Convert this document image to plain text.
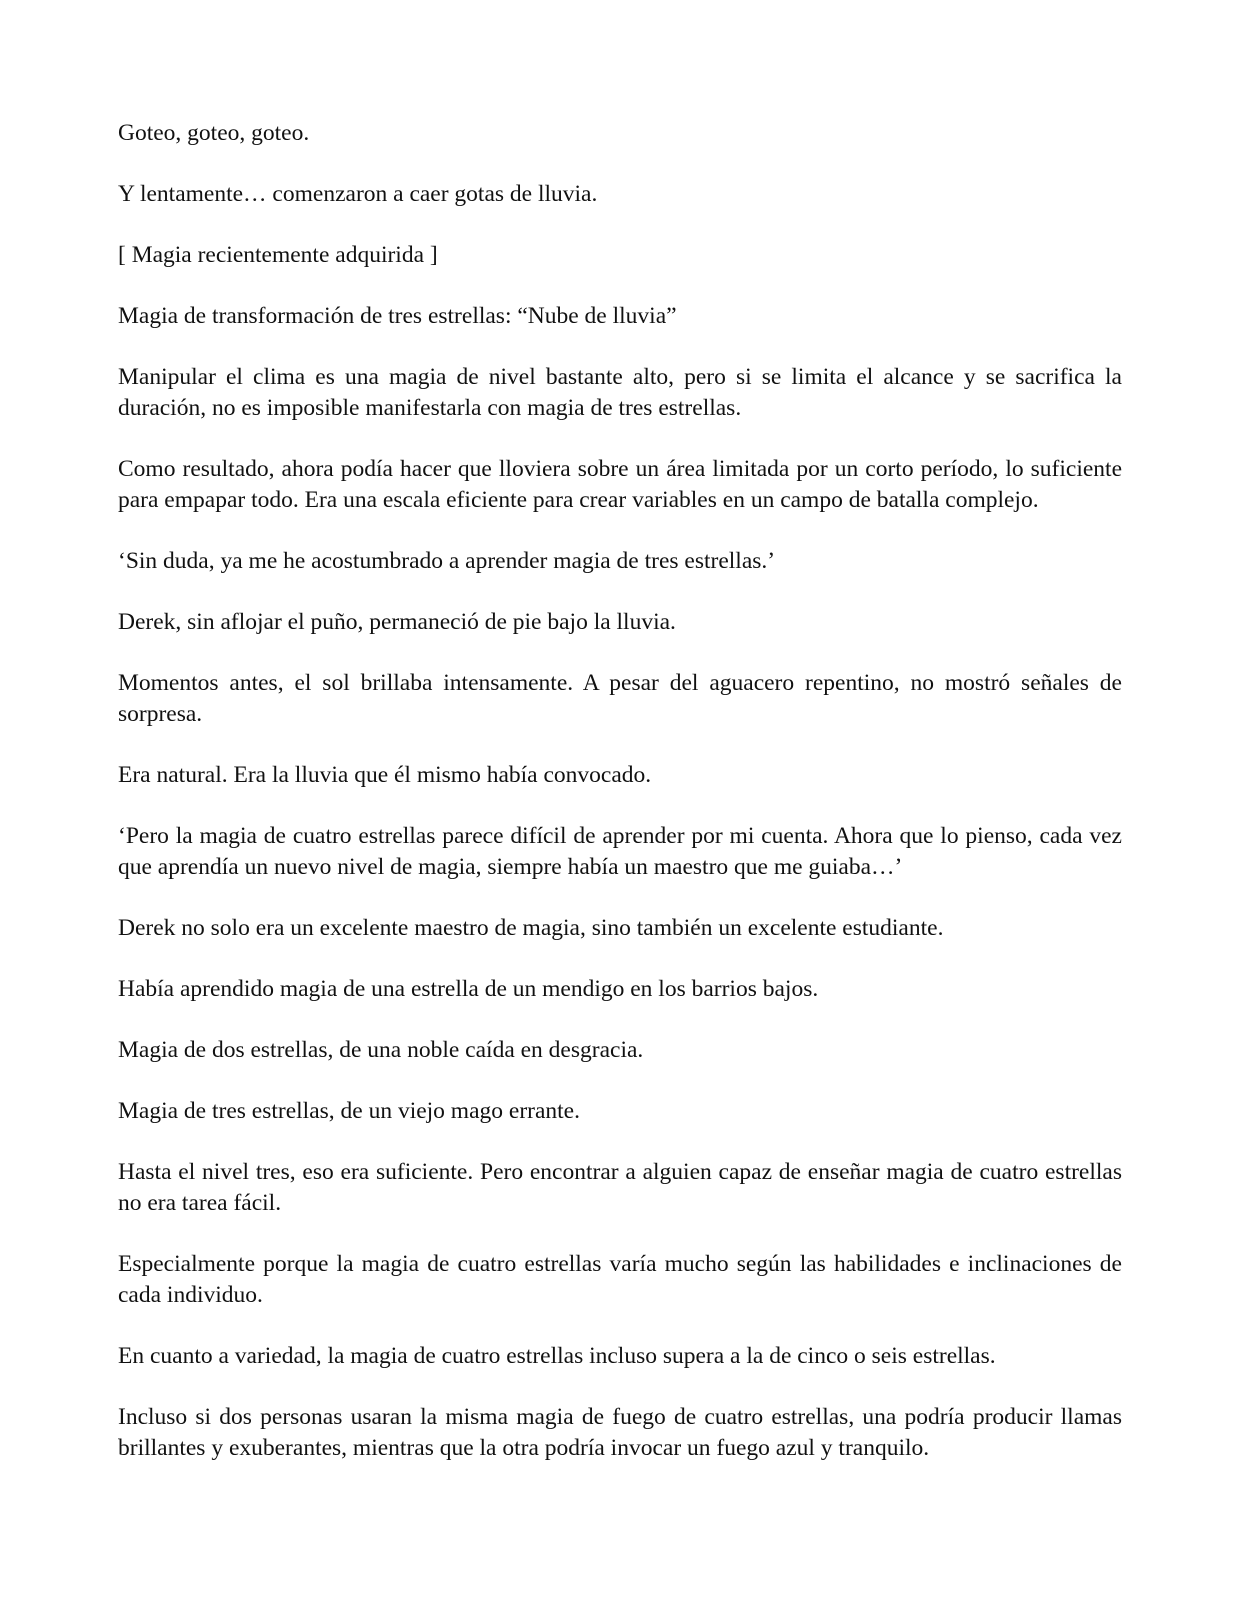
Goteo, goteo, goteo.

Y lentamente… comenzaron a caer gotas de lluvia.

[ Magia recientemente adquirida ]

Magia de transformación de tres estrellas: “Nube de lluvia”

Manipular el clima es una magia de nivel bastante alto, pero si se limita el alcance y se sacrifica la duración, no es imposible manifestarla con magia de tres estrellas.

Como resultado, ahora podía hacer que lloviera sobre un área limitada por un corto período, lo suficiente para empapar todo. Era una escala eficiente para crear variables en un campo de batalla complejo.

‘Sin duda, ya me he acostumbrado a aprender magia de tres estrellas.’

Derek, sin aflojar el puño, permaneció de pie bajo la lluvia.

Momentos antes, el sol brillaba intensamente. A pesar del aguacero repentino, no mostró señales de sorpresa.

Era natural. Era la lluvia que él mismo había convocado.

‘Pero la magia de cuatro estrellas parece difícil de aprender por mi cuenta. Ahora que lo pienso, cada vez que aprendía un nuevo nivel de magia, siempre había un maestro que me guiaba…’

Derek no solo era un excelente maestro de magia, sino también un excelente estudiante.

Había aprendido magia de una estrella de un mendigo en los barrios bajos.

Magia de dos estrellas, de una noble caída en desgracia.

Magia de tres estrellas, de un viejo mago errante.

Hasta el nivel tres, eso era suficiente. Pero encontrar a alguien capaz de enseñar magia de cuatro estrellas no era tarea fácil.

Especialmente porque la magia de cuatro estrellas varía mucho según las habilidades e inclinaciones de cada individuo.

En cuanto a variedad, la magia de cuatro estrellas incluso supera a la de cinco o seis estrellas.

Incluso si dos personas usaran la misma magia de fuego de cuatro estrellas, una podría producir llamas brillantes y exuberantes, mientras que la otra podría invocar un fuego azul y tranquilo.
